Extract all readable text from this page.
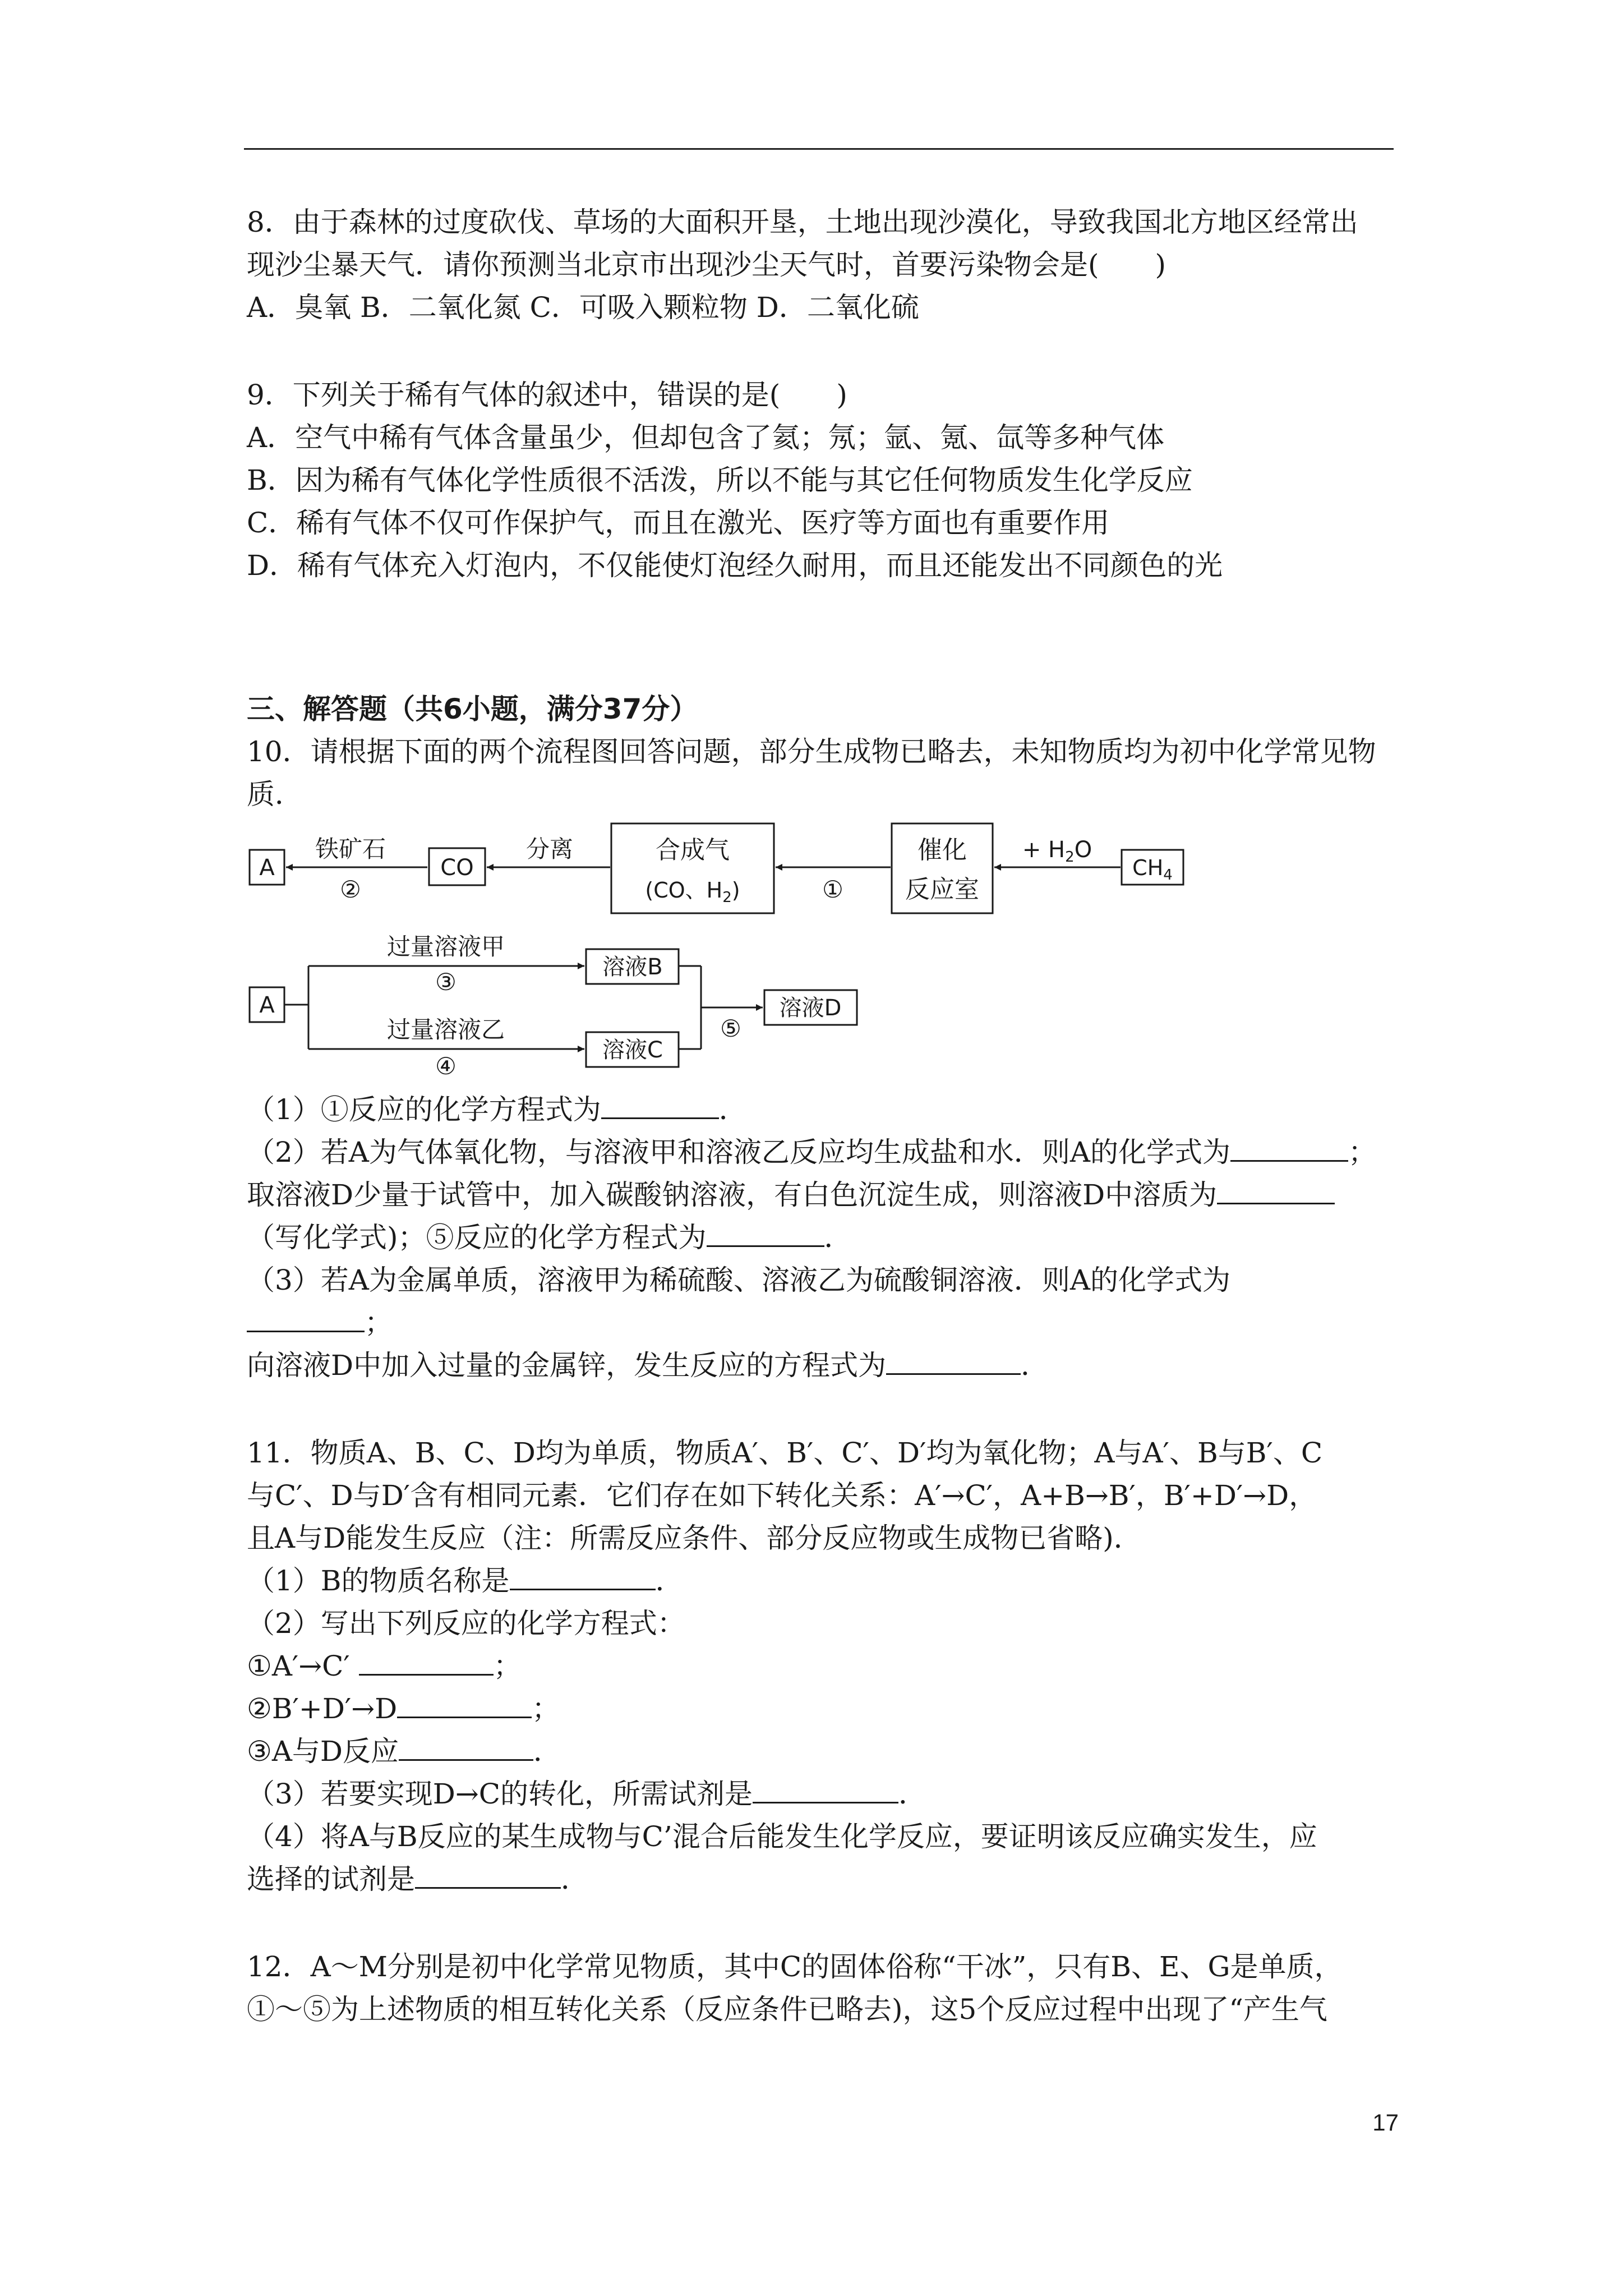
8．由于森林的过度砍伐、草场的大面积开垦，土地出现沙漠化，导致我国北方地区经常出

现沙尘暴天气．请你预测当北京市出现沙尘天气时，首要污染物会是(　　)

A．臭氧 B．二氧化氮 C．可吸入颗粒物 D．二氧化硫

9．下列关于稀有气体的叙述中，错误的是(　　)

A．空气中稀有气体含量虽少，但却包含了氦；氖；氩、氪、氙等多种气体

B．因为稀有气体化学性质很不活泼，所以不能与其它任何物质发生化学反应

C．稀有气体不仅可作保护气，而且在激光、医疗等方面也有重要作用

D．稀有气体充入灯泡内，不仅能使灯泡经久耐用，而且还能发出不同颜色的光

三、解答题（共6小题，满分37分）

10．请根据下面的两个流程图回答问题，部分生成物已略去，未知物质均为初中化学常见物

质．

A
铁矿石
②
CO
分离	合成气
(CO、$H_2$)	①
催化
反应室
+ $H_2O$
$CH_4$
A
过量溶液甲
③
过量溶液乙
④
溶液B
溶液C
⑤
溶液D

（1）①反应的化学方程式为	．

（2）若A为气体氧化物，与溶液甲和溶液乙反应均生成盐和水．则A的化学式为	；

取溶液D少量于试管中，加入碳酸钠溶液，有白色沉淀生成，则溶液D中溶质为

（写化学式)；⑤反应的化学方程式为	．

（3）若A为金属单质，溶液甲为稀硫酸、溶液乙为硫酸铜溶液．则A的化学式为

；

向溶液D中加入过量的金属锌，发生反应的方程式为	．

11．物质A、B、C、D均为单质，物质A′、B′、C′、D′均为氧化物；A与A′、B与B′、C

与C′、D与D′含有相同元素．它们存在如下转化关系：A′→C′，A+B→B′，B′+D′→D，

且A与D能发生反应（注：所需反应条件、部分反应物或生成物已省略)．

（1）B的物质名称是	．

（2）写出下列反应的化学方程式：

①A′→C′	；

②B′+D′→D	；

③A与D反应	．

（3）若要实现D→C的转化，所需试剂是	．

（4）将A与B反应的某生成物与C’混合后能发生化学反应，要证明该反应确实发生，应

选择的试剂是	．

12．A～M分别是初中化学常见物质，其中C的固体俗称“干冰”，只有B、E、G是单质，

①～⑤为上述物质的相互转化关系（反应条件已略去)，这5个反应过程中出现了“产生气

17
